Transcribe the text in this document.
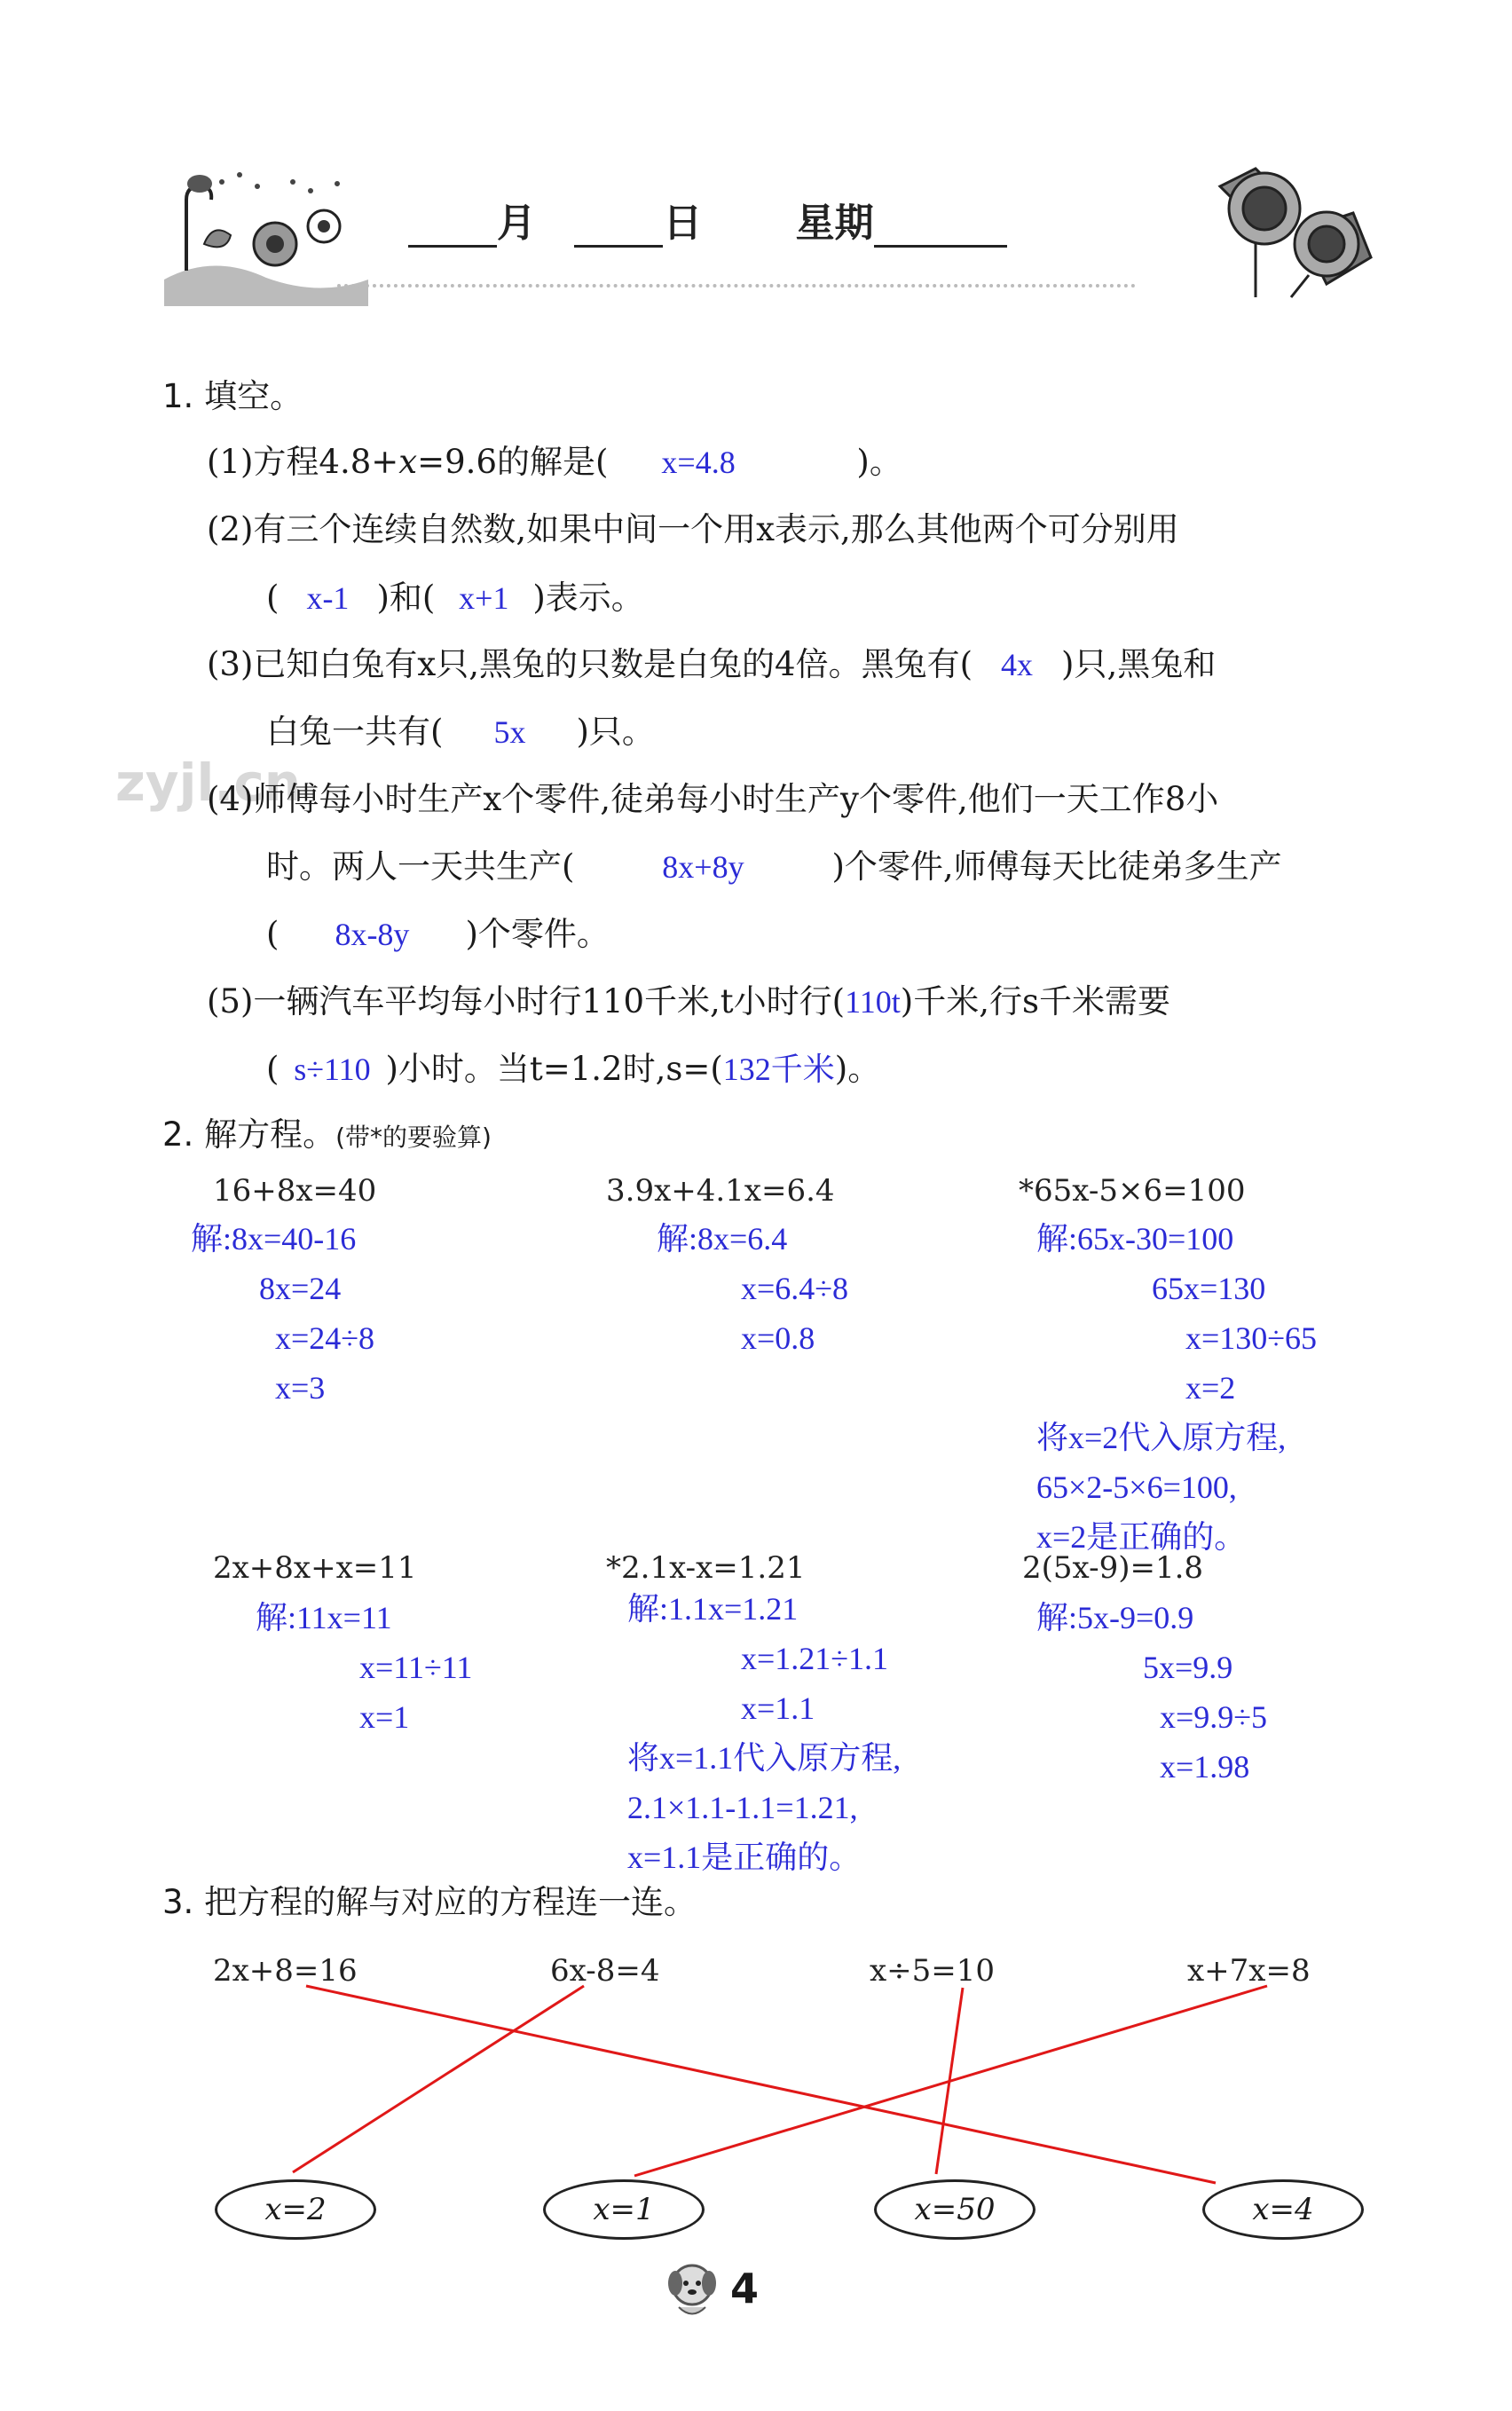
月	日 星期
zyjl.cn
1. 填空。
(1)方程4.8+x=9.6的解是( x=4.8	)。
(2)有三个连续自然数,如果中间一个用x表示,那么其他两个可分别用
( x-1 )和( x+1 )表示。
(3)已知白兔有x只,黑兔的只数是白兔的4倍。黑兔有( 4x )只,黑兔和
白兔一共有( 5x )只。
(4)师傅每小时生产x个零件,徒弟每小时生产y个零件,他们一天工作8小
时。两人一天共生产(	8x+8y	)个零件,师傅每天比徒弟多生产
( 8x-8y )个零件。
(5)一辆汽车平均每小时行110千米,t小时行(110t)千米,行s千米需要
( s÷110 )小时。当t=1.2时,s=(132千米)。
2. 解方程。(带*的要验算)
16+8x=40
解:8x=40-16
8x=24
x=24÷8
x=3
3.9x+4.1x=6.4
解:8x=6.4
x=6.4÷8
x=0.8
*65x-5×6=100
解:65x-30=100
65x=130
x=130÷65
x=2
将x=2代入原方程,
65×2-5×6=100,
x=2是正确的。
2x+8x+x=11
解:11x=11
x=11÷11
x=1
*2.1x-x=1.21
解:1.1x=1.21
x=1.21÷1.1
x=1.1
将x=1.1代入原方程,
2.1×1.1-1.1=1.21,
x=1.1是正确的。
2(5x-9)=1.8
解:5x-9=0.9
5x=9.9
x=9.9÷5
x=1.98
3. 把方程的解与对应的方程连一连。
2x+8=16	6x-8=4	x÷5=10	x+7x=8
x=2	x=1	x=50	x=4
4
